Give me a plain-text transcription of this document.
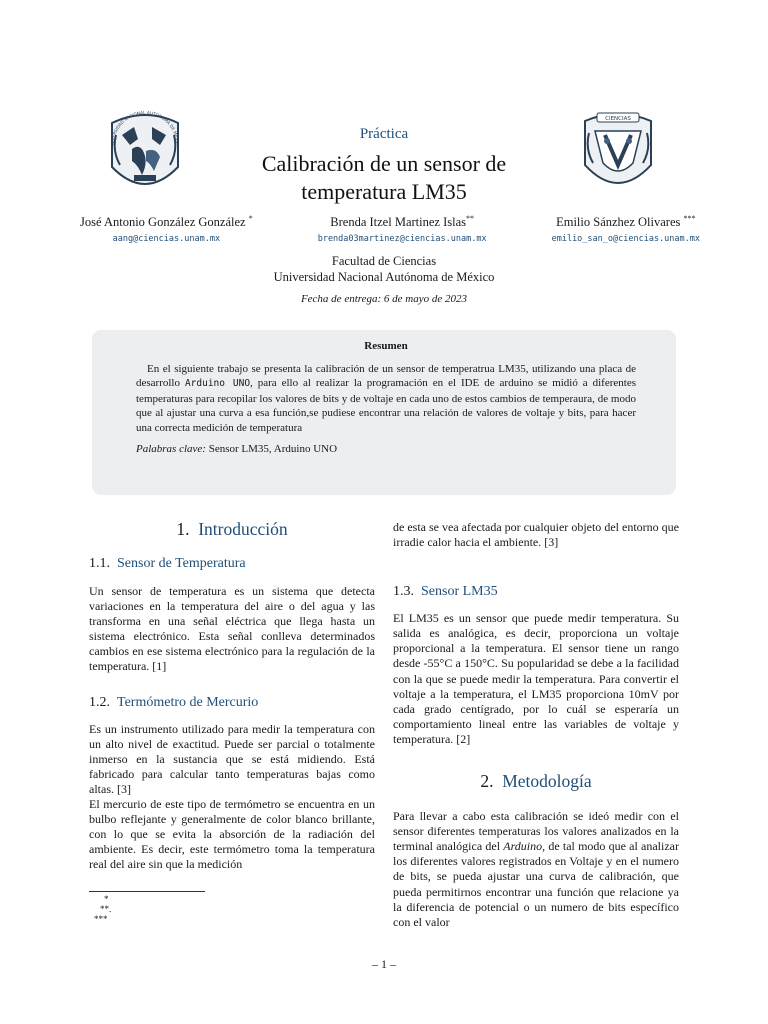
NIVERSIDAD NACIONAL AUTONOMA DE MEXIC
CIENCIAS
Práctica
Calibración de un sensor de
temperatura LM35
José Antonio González González *
aang@ciencias.unam.mx
Brenda Itzel Martinez Islas**
brenda03martinez@ciencias.unam.mx
Emilio Sánzhez Olivares ***
emilio_san_o@ciencias.unam.mx
Facultad de Ciencias
Universidad Nacional Autónoma de México
Fecha de entrega: 6 de mayo de 2023
Resumen

En el siguiente trabajo se presenta la calibración de un sensor de temperatrua LM35, utilizando una placa de desarrollo Arduino UNO, para ello al realizar la programación en el IDE de arduino se midió a diferentes temperaturas para recopilar los valores de bits y de voltaje en cada uno de estos cambios de temperaura, de modo que al ajustar una curva a esa función,se pudiese encontrar una relación de valores de voltaje y bits, para hacer una correcta medición de temperatura

Palabras clave: Sensor LM35, Arduino UNO
1. Introducción
1.1. Sensor de Temperatura

Un sensor de temperatura es un sistema que detecta variaciones en la temperatura del aire o del agua y las transforma en una señal eléctrica que llega hasta un sistema electrónico. Esta señal conlleva determinados cambios en ese sistema electrónico para la regulación de la temperatura. [1]

1.2. Termómetro de Mercurio

Es un instrumento utilizado para medir la temperatura con un alto nivel de exactitud. Puede ser parcial o totalmente inmerso en la sustancia que se está midiendo. Está fabricado para calcular tanto temperaturas bajas como altas. [3]

El mercurio de este tipo de termómetro se encuentra en un bulbo reflejante y generalmente de color blanco brillante, con lo que se evita la absorción de la radiación del ambiente. Es decir, este termómetro toma la temperatura real del aire sin que la medición

de esta se vea afectada por cualquier objeto del entorno que irradie calor hacia el ambiente. [3]

1.3. Sensor LM35

El LM35 es un sensor que puede medir temperatura. Su salida es analógica, es decir, proporciona un voltaje proporcional a la temperatura. El sensor tiene un rango desde -55°C a 150°C. Su popularidad se debe a la facilidad con la que se puede medir la temperatura. Para convertir el voltaje a la temperatura, el LM35 proporciona 10mV por cada grado centígrado, por lo cuál se esperaría un comportamiento lineal entre las variables de voltaje y temperatura. [2]

2. Metodología

Para llevar a cabo esta calibración se ideó medir con el sensor diferentes temperaturas los valores analizados en la terminal analógica del Arduino, de tal modo que al analizar los diferentes valores registrados en Voltaje y en el numero de bits, se pueda ajustar una curva de calibración, que pueda permitirnos encontrar una función que relacione ya la diferencia de potencial o un numero de bits específico con el valor

*
**.
***
– 1 –
